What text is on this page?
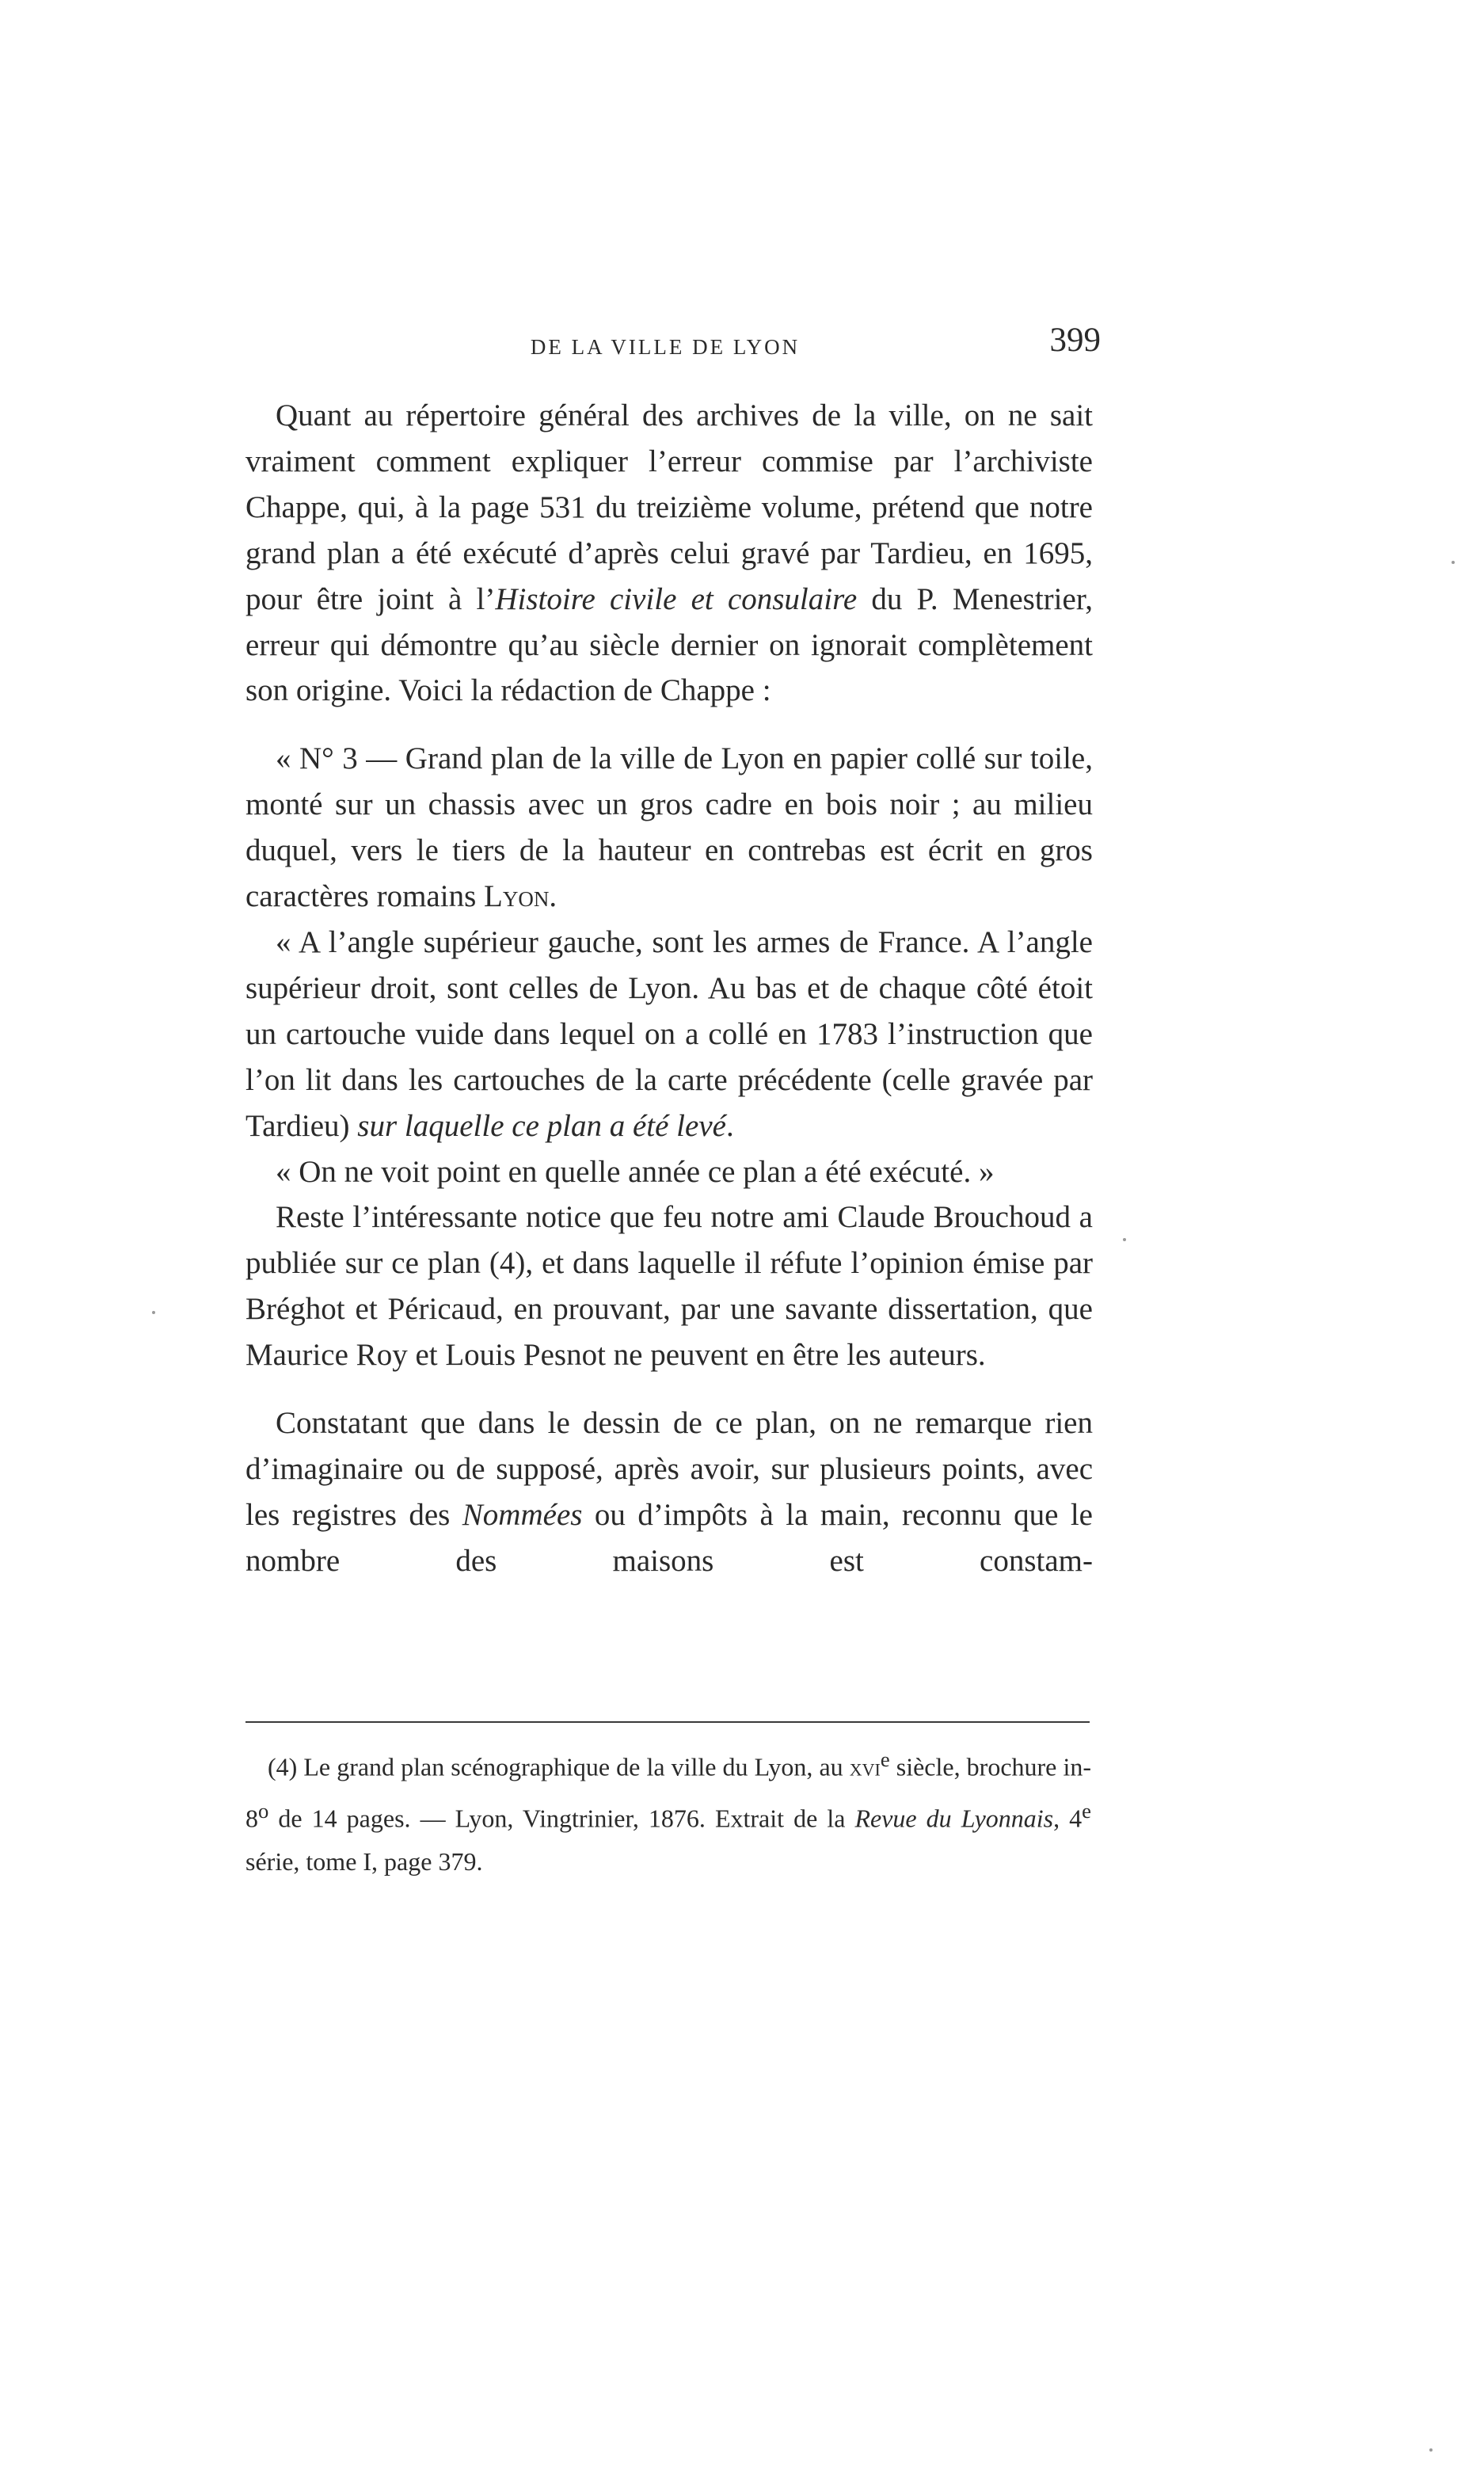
DE LA VILLE DE LYON	399

Quant au répertoire général des archives de la ville, on ne sait vraiment comment expliquer l’erreur commise par l’archiviste Chappe, qui, à la page 531 du treizième volume, prétend que notre grand plan a été exécuté d’après celui gravé par Tardieu, en 1695, pour être joint à l’Histoire civile et consulaire du P. Menestrier, erreur qui démontre qu’au siècle dernier on ignorait complètement son origine. Voici la rédaction de Chappe :

« N° 3 — Grand plan de la ville de Lyon en papier collé sur toile, monté sur un chassis avec un gros cadre en bois noir ; au milieu duquel, vers le tiers de la hauteur en contrebas est écrit en gros caractères romains Lyon.

« A l’angle supérieur gauche, sont les armes de France. A l’angle supérieur droit, sont celles de Lyon. Au bas et de chaque côté étoit un cartouche vuide dans lequel on a collé en 1783 l’instruction que l’on lit dans les cartouches de la carte précédente (celle gravée par Tardieu) sur laquelle ce plan a été levé.

« On ne voit point en quelle année ce plan a été exécuté. »

Reste l’intéressante notice que feu notre ami Claude Brouchoud a publiée sur ce plan (4), et dans laquelle il réfute l’opinion émise par Bréghot et Péricaud, en prouvant, par une savante dissertation, que Maurice Roy et Louis Pesnot ne peuvent en être les auteurs.

Constatant que dans le dessin de ce plan, on ne remarque rien d’imaginaire ou de supposé, après avoir, sur plusieurs points, avec les registres des Nommées ou d’impôts à la main, reconnu que le nombre des maisons est constam-

(4) Le grand plan scénographique de la ville du Lyon, au xvi$^e$ siècle, brochure in-8$^o$ de 14 pages. — Lyon, Vingtrinier, 1876. Extrait de la Revue du Lyonnais, 4e série, tome I, page 379.
